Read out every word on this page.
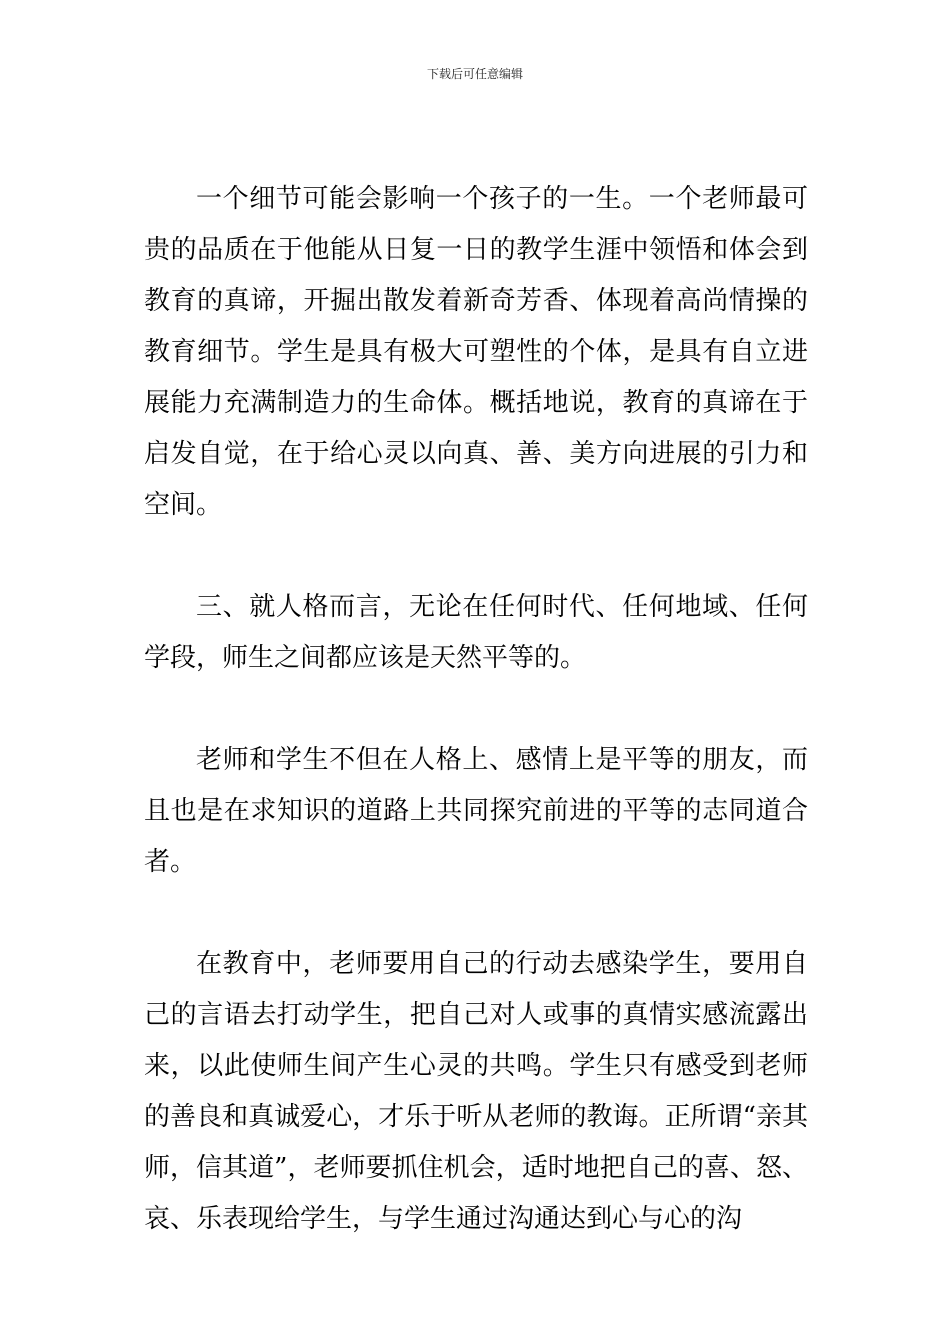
下载后可任意编辑

一个细节可能会影响一个孩子的一生。一个老师最可贵的品质在于他能从日复一日的教学生涯中领悟和体会到教育的真谛，开掘出散发着新奇芳香、体现着高尚情操的教育细节。学生是具有极大可塑性的个体，是具有自立进展能力充满制造力的生命体。概括地说，教育的真谛在于启发自觉，在于给心灵以向真、善、美方向进展的引力和空间。

三、就人格而言，无论在任何时代、任何地域、任何学段，师生之间都应该是天然平等的。

老师和学生不但在人格上、感情上是平等的朋友，而且也是在求知识的道路上共同探究前进的平等的志同道合者。

在教育中，老师要用自己的行动去感染学生，要用自己的言语去打动学生，把自己对人或事的真情实感流露出来，以此使师生间产生心灵的共鸣。学生只有感受到老师的善良和真诚爱心，才乐于听从老师的教诲。正所谓“亲其师，信其道”，老师要抓住机会，适时地把自己的喜、怒、哀、乐表现给学生，与学生通过沟通达到心与心的沟
